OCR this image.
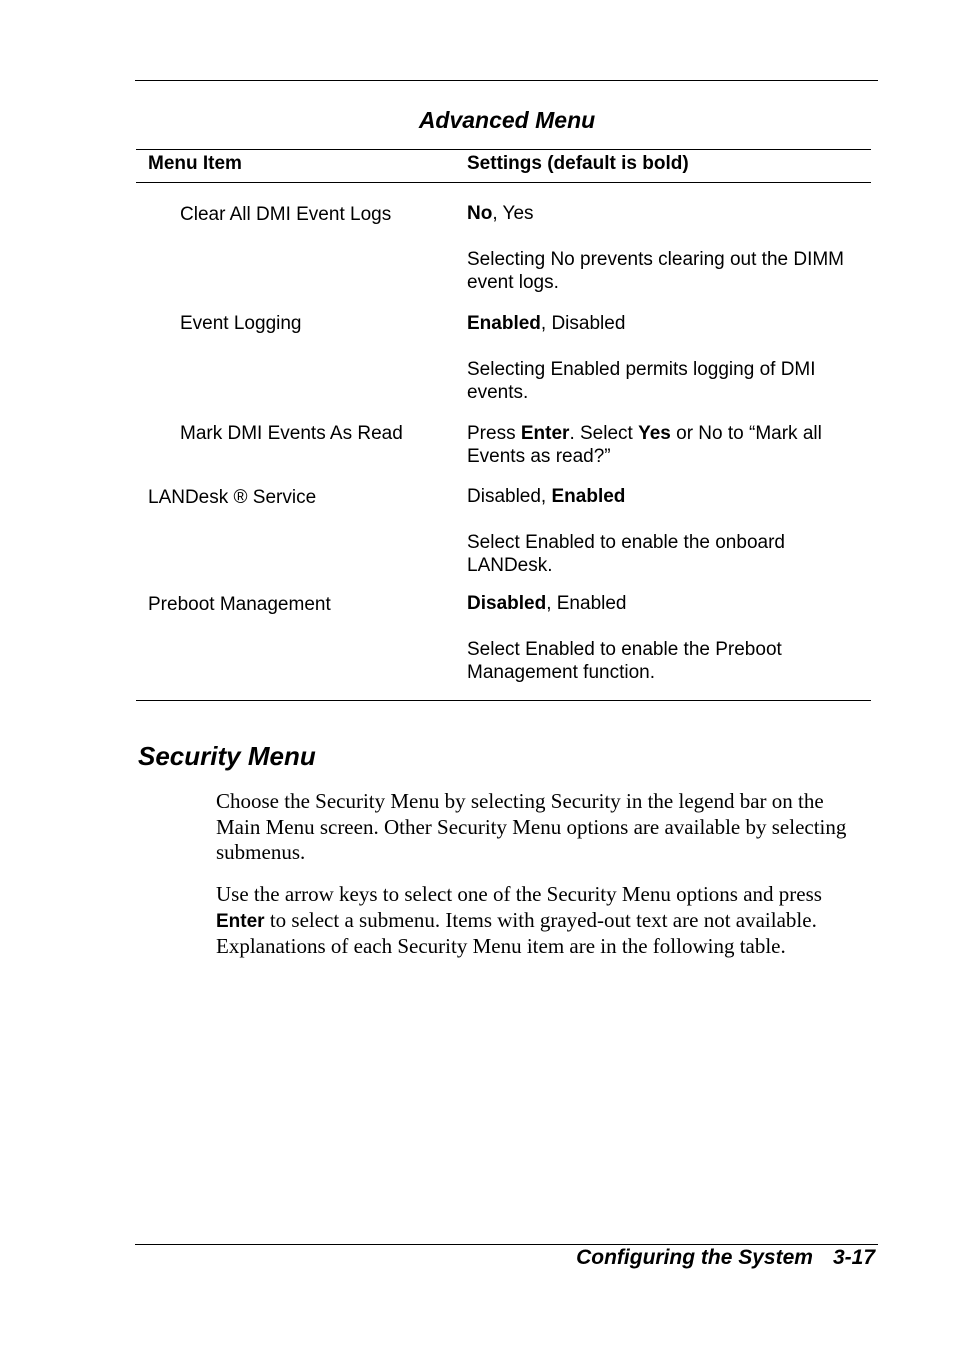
Advanced Menu
Menu Item	Settings (default is bold)
Clear All DMI Event Logs	No, Yes
Selecting No prevents clearing out the DIMM event logs.
Event Logging	Enabled, Disabled
Selecting Enabled permits logging of DMI events.
Mark DMI Events As Read	Press Enter. Select Yes or No to “Mark all Events as read?”
LANDesk ® Service	Disabled, Enabled
Select Enabled to enable the onboard LANDesk.
Preboot Management	Disabled, Enabled
Select Enabled to enable the Preboot Management function.
Security Menu

Choose the Security Menu by selecting Security in the legend bar on the Main Menu screen. Other Security Menu options are available by selecting submenus.

Use the arrow keys to select one of the Security Menu options and press Enter to select a submenu. Items with grayed-out text are not available. Explanations of each Security Menu item are in the following table.

Configuring the System 3-17
